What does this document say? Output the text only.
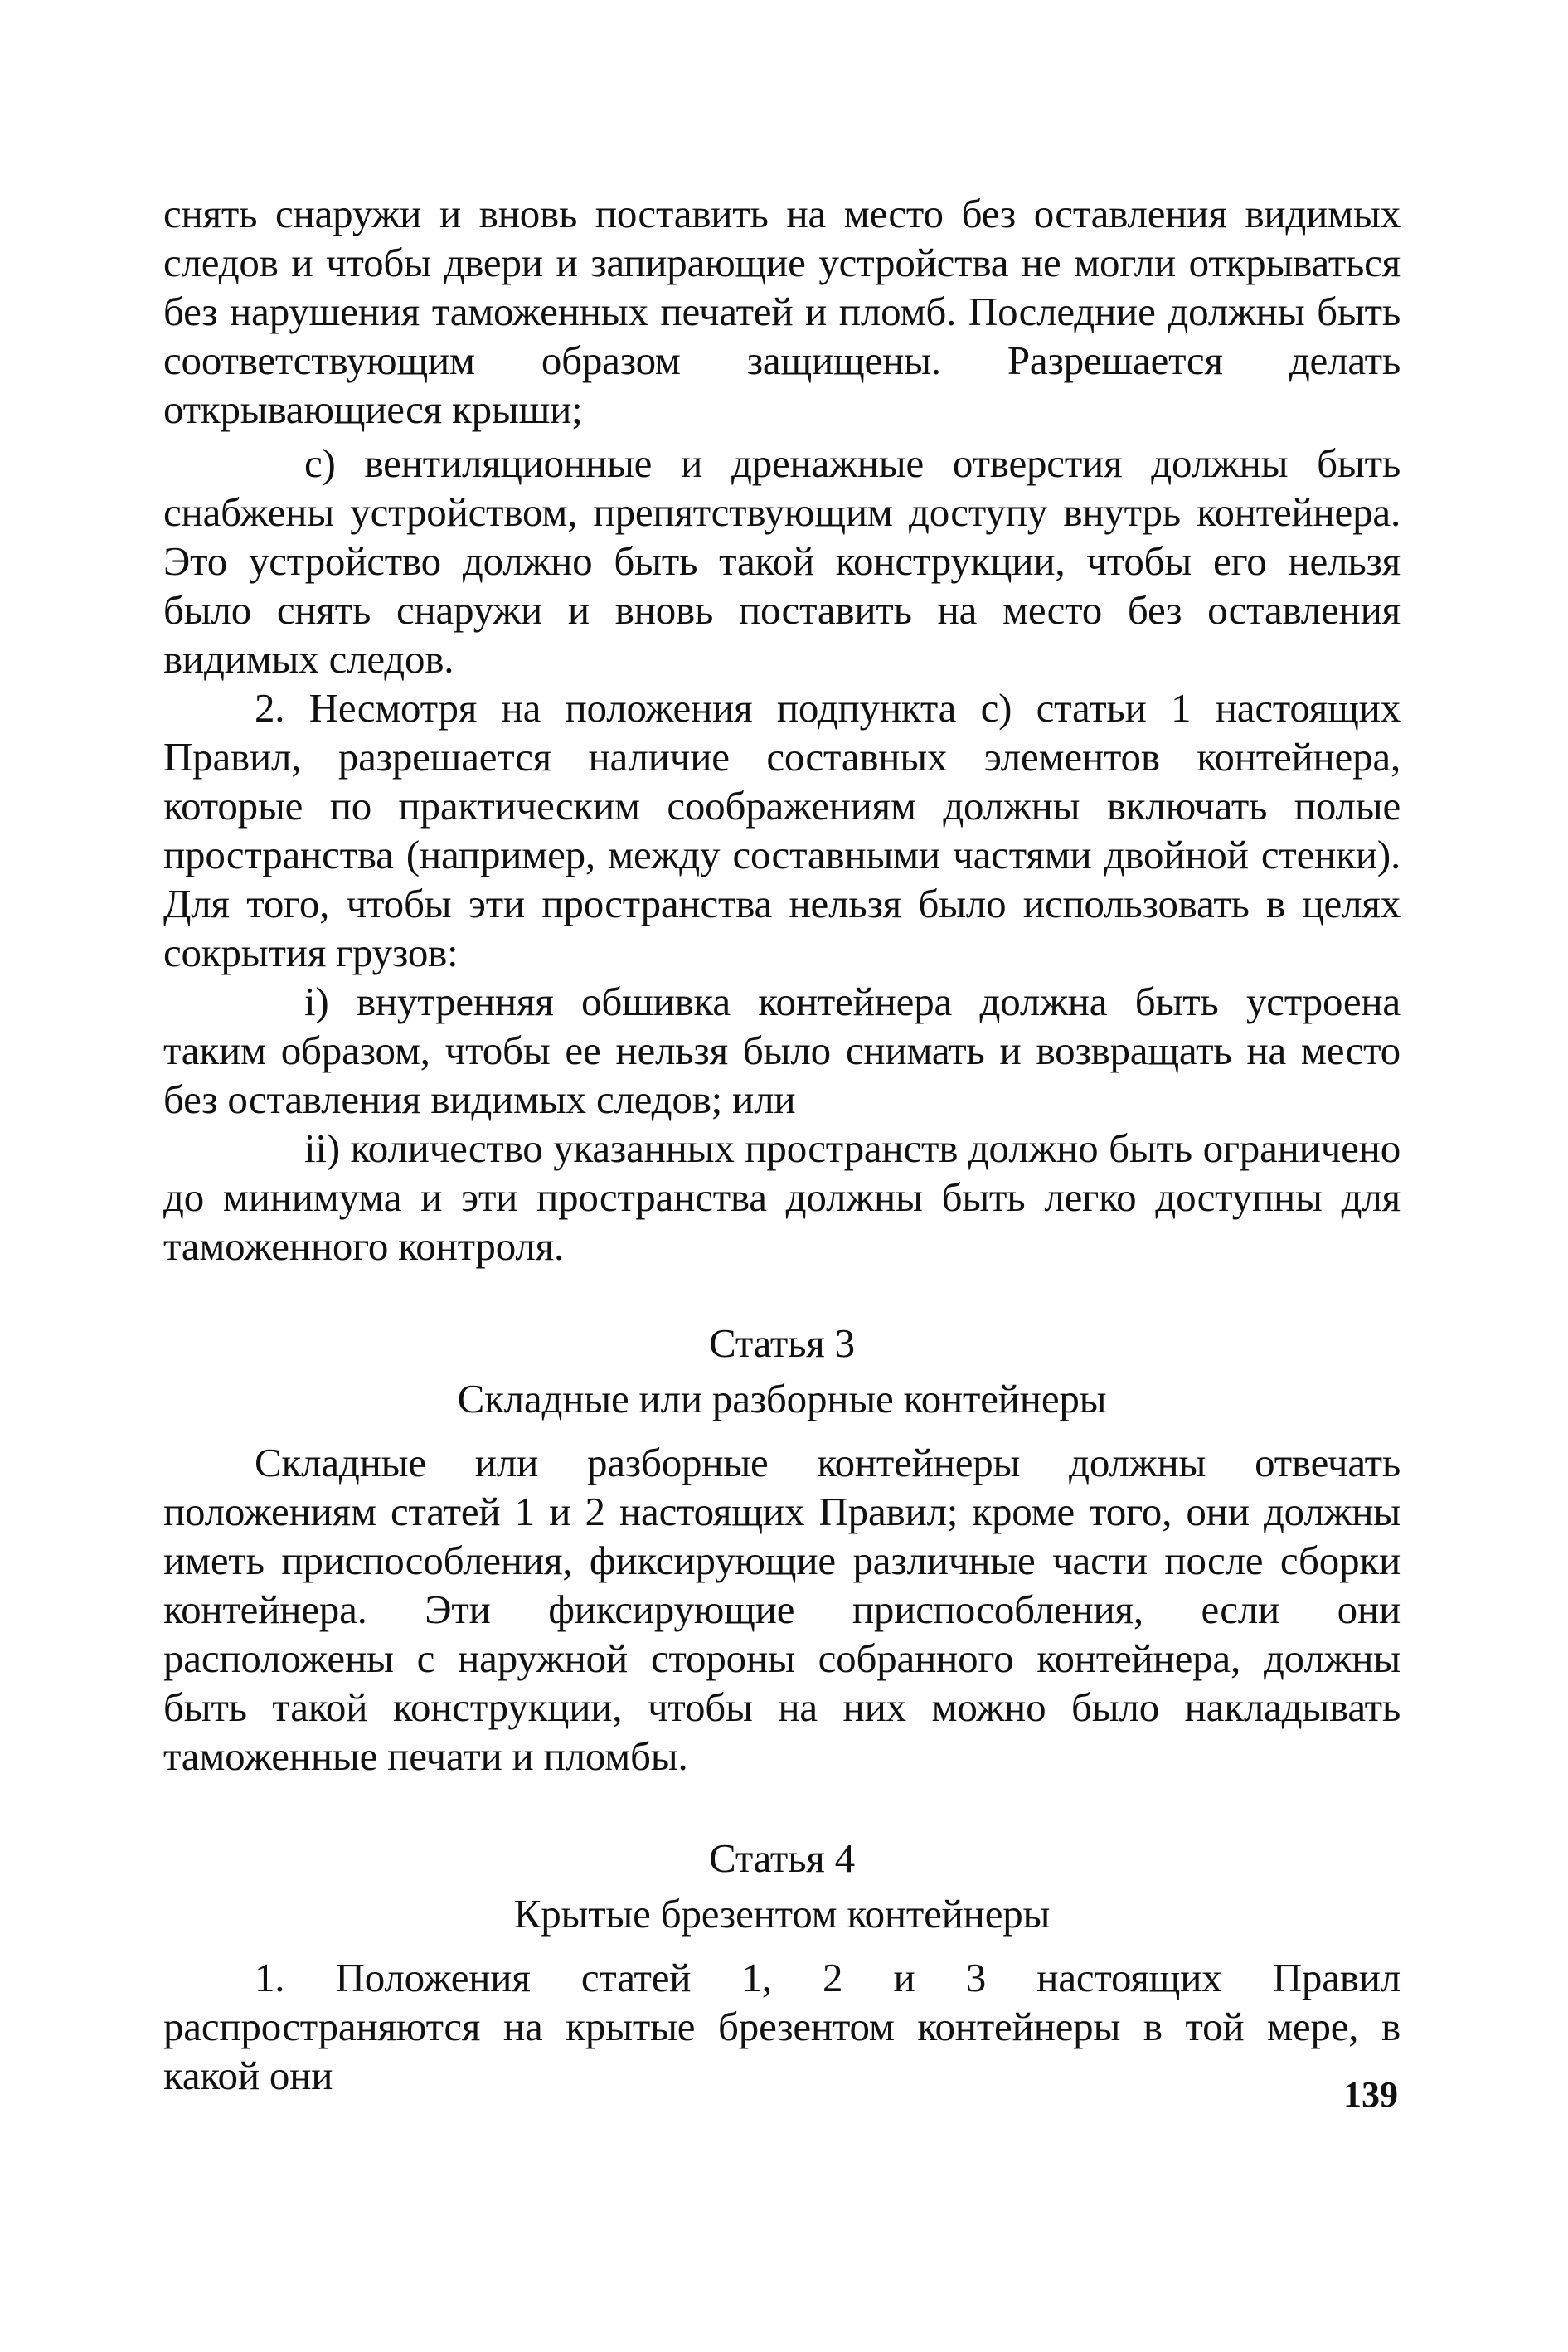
снять снаружи и вновь поставить на место без оставления видимых следов и чтобы двери и запирающие устройства не могли открываться без нарушения таможенных печатей и пломб. Последние должны быть соответствующим образом защищены. Разрешается делать открывающиеся крыши;

c) вентиляционные и дренажные отверстия должны быть снабжены устройством, препятствующим доступу внутрь контейнера. Это устройство должно быть такой конструкции, чтобы его нельзя было снять снаружи и вновь поставить на место без оставления видимых следов.

2. Несмотря на положения подпункта с) статьи 1 настоящих Правил, разрешается наличие составных элементов контейнера, которые по практическим соображениям должны включать полые пространства (например, между составными частями двойной стенки). Для того, чтобы эти пространства нельзя было использовать в целях сокрытия грузов:

i) внутренняя обшивка контейнера должна быть устроена таким образом, чтобы ее нельзя было снимать и возвращать на место без оставления видимых следов; или

ii) количество указанных пространств должно быть ограничено до минимума и эти пространства должны быть легко доступны для таможенного контроля.

Статья 3

Складные или разборные контейнеры

Складные или разборные контейнеры должны отвечать положениям статей 1 и 2 настоящих Правил; кроме того, они должны иметь приспособления, фиксирующие различные части после сборки контейнера. Эти фиксирующие приспособления, если они расположены с наружной стороны собранного контейнера, должны быть такой конструкции, чтобы на них можно было накладывать таможенные печати и пломбы.

Статья 4

Крытые брезентом контейнеры

1. Положения статей 1, 2 и 3 настоящих Правил распространяются на крытые брезентом контейнеры в той мере, в какой они	139
